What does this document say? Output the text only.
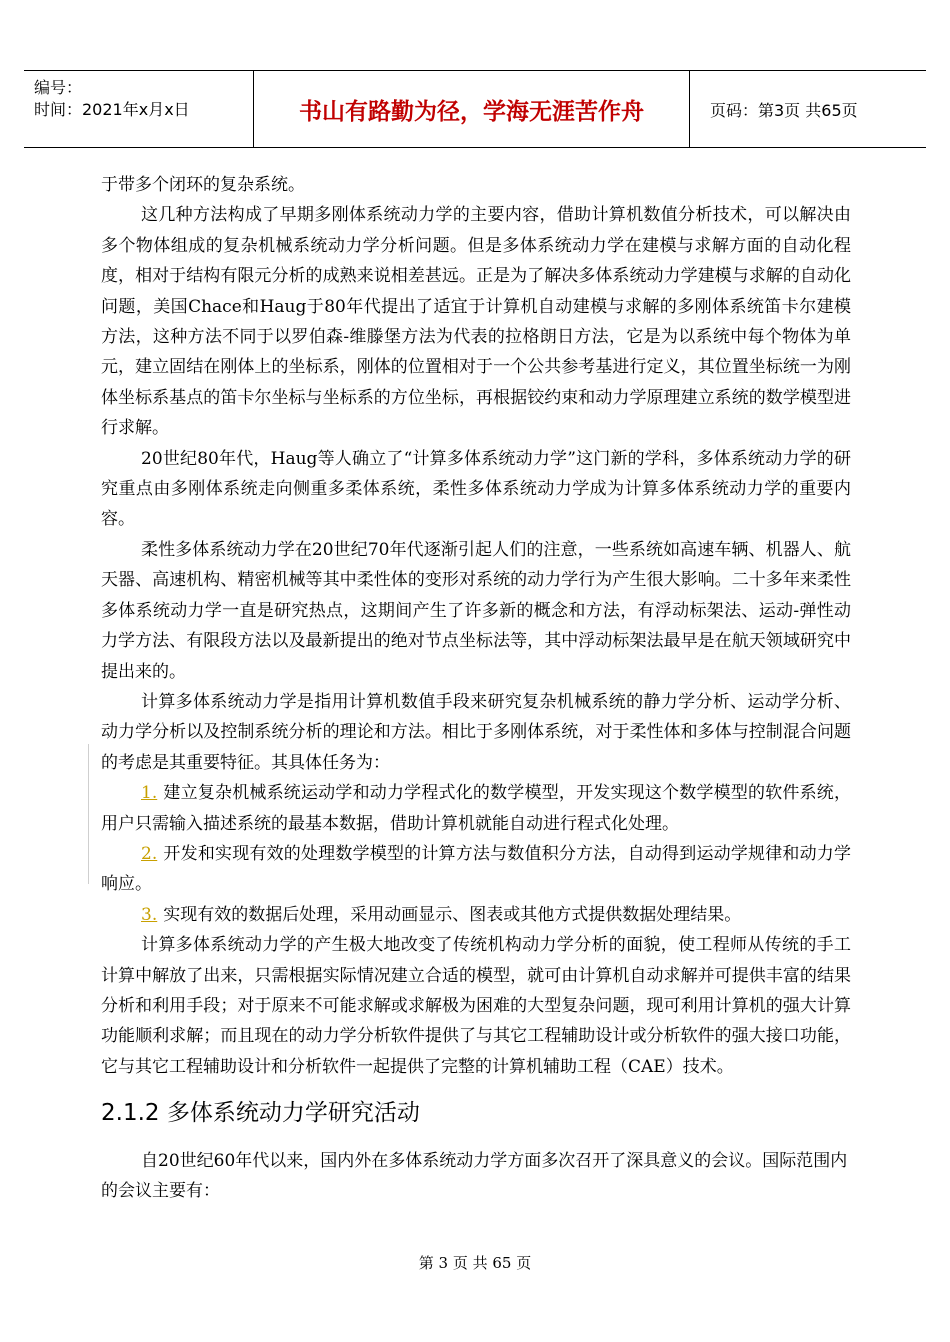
编号：
时间：2021年x月x日	书山有路勤为径，学海无涯苦作舟	页码：第3页 共65页

于带多个闭环的复杂系统。

这几种方法构成了早期多刚体系统动力学的主要内容，借助计算机数值分析技术，可以解决由多个物体组成的复杂机械系统动力学分析问题。但是多体系统动力学在建模与求解方面的自动化程度，相对于结构有限元分析的成熟来说相差甚远。正是为了解决多体系统动力学建模与求解的自动化问题，美国Chace和Haug于80年代提出了适宜于计算机自动建模与求解的多刚体系统笛卡尔建模方法，这种方法不同于以罗伯森-维滕堡方法为代表的拉格朗日方法，它是为以系统中每个物体为单元，建立固结在刚体上的坐标系，刚体的位置相对于一个公共参考基进行定义，其位置坐标统一为刚体坐标系基点的笛卡尔坐标与坐标系的方位坐标，再根据铰约束和动力学原理建立系统的数学模型进行求解。

20世纪80年代，Haug等人确立了“计算多体系统动力学”这门新的学科，多体系统动力学的研究重点由多刚体系统走向侧重多柔体系统，柔性多体系统动力学成为计算多体系统动力学的重要内容。

柔性多体系统动力学在20世纪70年代逐渐引起人们的注意，一些系统如高速车辆、机器人、航天器、高速机构、精密机械等其中柔性体的变形对系统的动力学行为产生很大影响。二十多年来柔性多体系统动力学一直是研究热点，这期间产生了许多新的概念和方法，有浮动标架法、运动-弹性动力学方法、有限段方法以及最新提出的绝对节点坐标法等，其中浮动标架法最早是在航天领域研究中提出来的。

计算多体系统动力学是指用计算机数值手段来研究复杂机械系统的静力学分析、运动学分析、动力学分析以及控制系统分析的理论和方法。相比于多刚体系统，对于柔性体和多体与控制混合问题的考虑是其重要特征。其具体任务为：

1. 建立复杂机械系统运动学和动力学程式化的数学模型，开发实现这个数学模型的软件系统，用户只需输入描述系统的最基本数据，借助计算机就能自动进行程式化处理。

2. 开发和实现有效的处理数学模型的计算方法与数值积分方法，自动得到运动学规律和动力学响应。

3. 实现有效的数据后处理，采用动画显示、图表或其他方式提供数据处理结果。

计算多体系统动力学的产生极大地改变了传统机构动力学分析的面貌，使工程师从传统的手工计算中解放了出来，只需根据实际情况建立合适的模型，就可由计算机自动求解并可提供丰富的结果分析和利用手段；对于原来不可能求解或求解极为困难的大型复杂问题，现可利用计算机的强大计算功能顺利求解；而且现在的动力学分析软件提供了与其它工程辅助设计或分析软件的强大接口功能，它与其它工程辅助设计和分析软件一起提供了完整的计算机辅助工程（CAE）技术。

2.1.2 多体系统动力学研究活动

自20世纪60年代以来，国内外在多体系统动力学方面多次召开了深具意义的会议。国际范围内的会议主要有：

第 3 页 共 65 页
